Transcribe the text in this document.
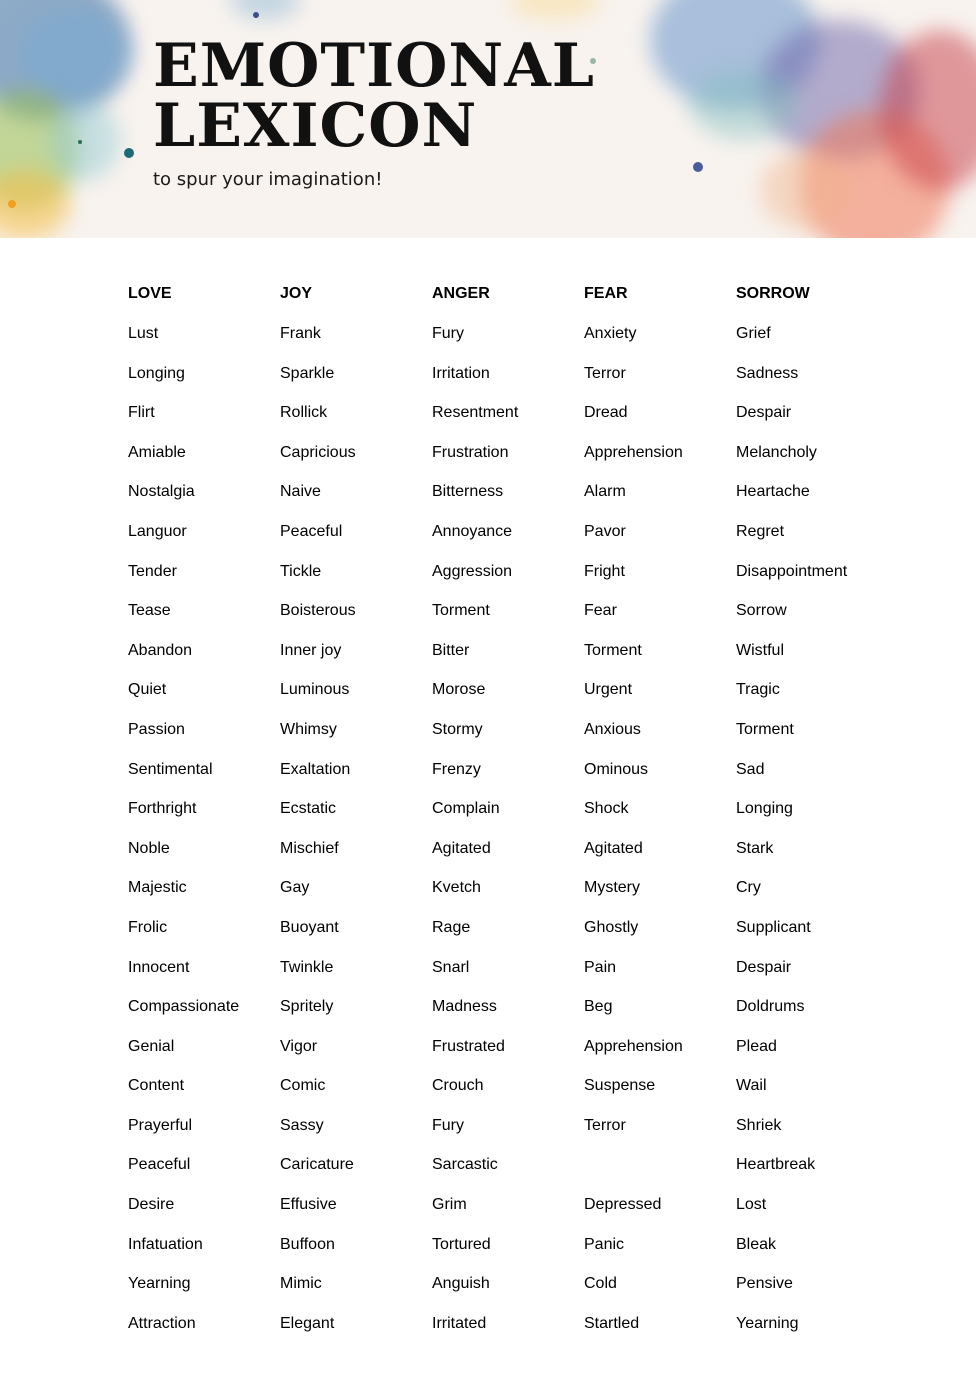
EMOTIONAL
LEXICON
to spur your imagination!
LOVE
Lust
Longing
Flirt
Amiable
Nostalgia
Languor
Tender
Tease
Abandon
Quiet
Passion
Sentimental
Forthright
Noble
Majestic
Frolic
Innocent
Compassionate
Genial
Content
Prayerful
Peaceful
Desire
Infatuation
Yearning
Attraction
JOY
Frank
Sparkle
Rollick
Capricious
Naive
Peaceful
Tickle
Boisterous
Inner joy
Luminous
Whimsy
Exaltation
Ecstatic
Mischief
Gay
Buoyant
Twinkle
Spritely
Vigor
Comic
Sassy
Caricature
Effusive
Buffoon
Mimic
Elegant
ANGER
Fury
Irritation
Resentment
Frustration
Bitterness
Annoyance
Aggression
Torment
Bitter
Morose
Stormy
Frenzy
Complain
Agitated
Kvetch
Rage
Snarl
Madness
Frustrated
Crouch
Fury
Sarcastic
Grim
Tortured
Anguish
Irritated
FEAR
Anxiety
Terror
Dread
Apprehension
Alarm
Pavor
Fright
Fear
Torment
Urgent
Anxious
Ominous
Shock
Agitated
Mystery
Ghostly
Pain
Beg
Apprehension
Suspense
Terror
Depressed
Panic
Cold
Startled
SORROW
Grief
Sadness
Despair
Melancholy
Heartache
Regret
Disappointment
Sorrow
Wistful
Tragic
Torment
Sad
Longing
Stark
Cry
Supplicant
Despair
Doldrums
Plead
Wail
Shriek
Heartbreak
Lost
Bleak
Pensive
Yearning
